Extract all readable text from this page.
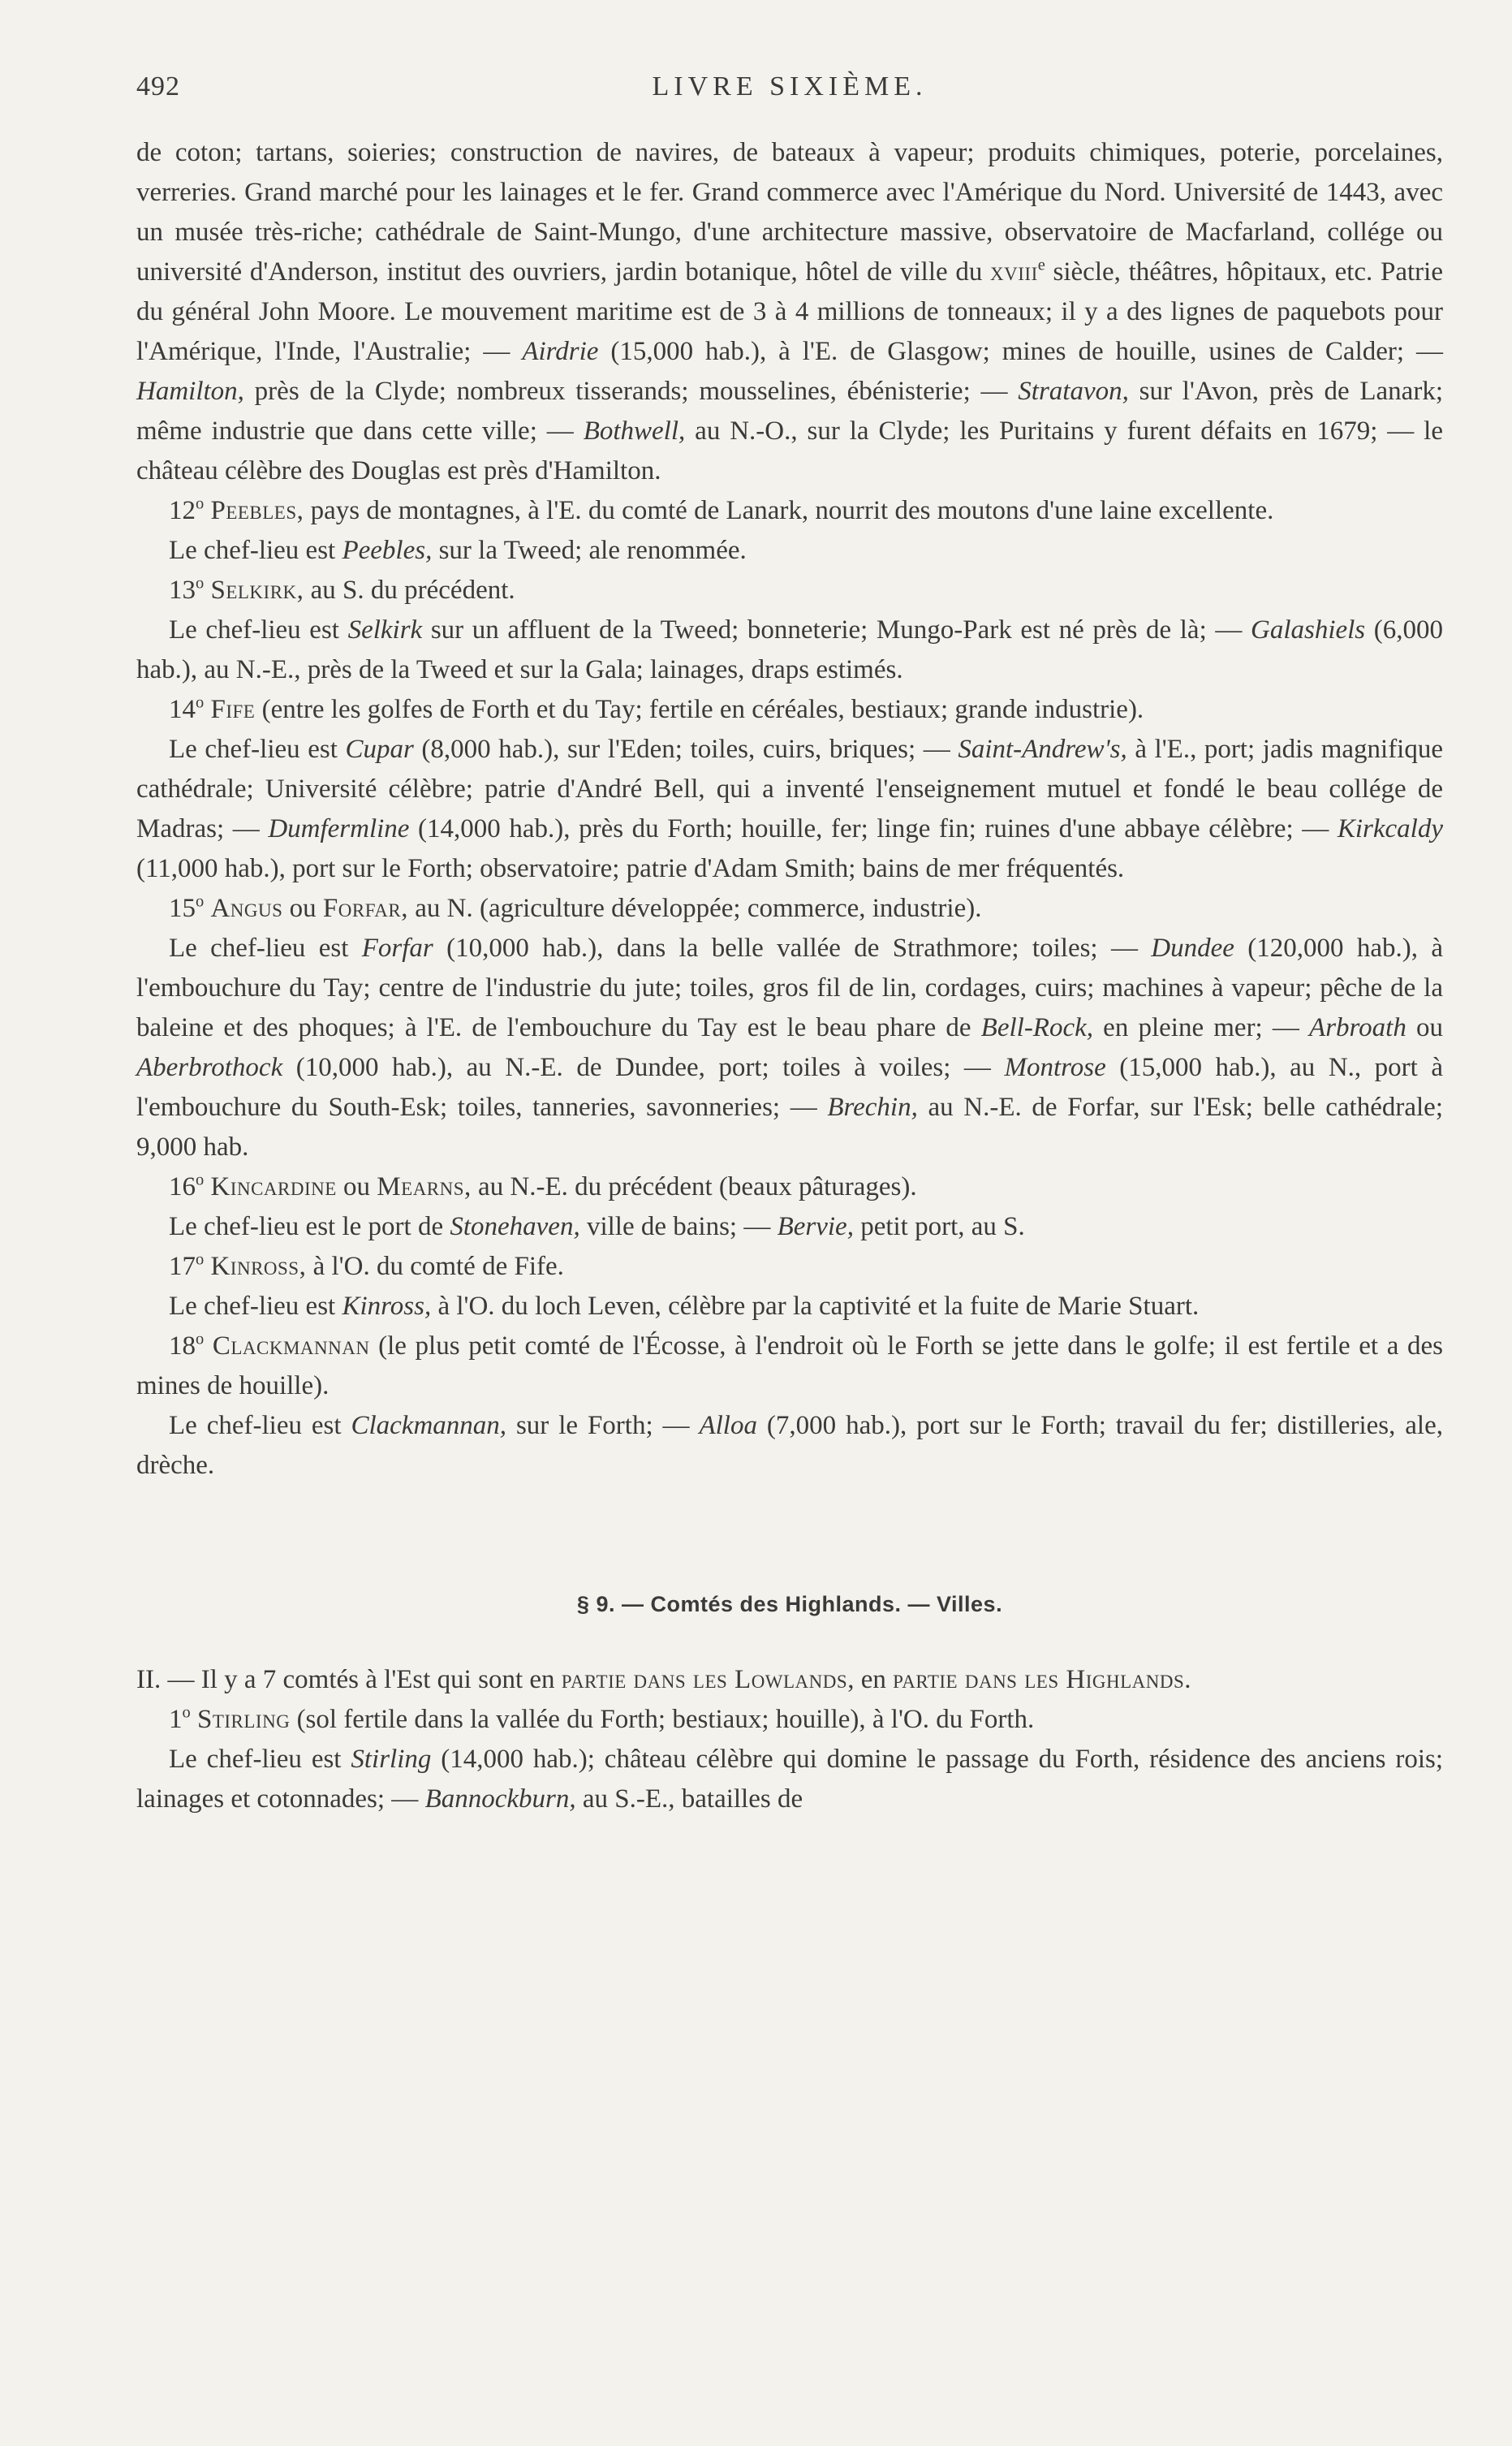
492	LIVRE SIXIÈME.

de coton; tartans, soieries; construction de navires, de bateaux à vapeur; produits chimiques, poterie, porcelaines, verreries. Grand marché pour les lainages et le fer. Grand commerce avec l'Amérique du Nord. Université de 1443, avec un musée très-riche; cathédrale de Saint-Mungo, d'une architecture massive, observatoire de Macfarland, collége ou université d'Anderson, institut des ouvriers, jardin botanique, hôtel de ville du xviii$^e$ siècle, théâtres, hôpitaux, etc. Patrie du général John Moore. Le mouvement maritime est de 3 à 4 millions de tonneaux; il y a des lignes de paquebots pour l'Amérique, l'Inde, l'Australie; — Airdrie (15,000 hab.), à l'E. de Glasgow; mines de houille, usines de Calder; — Hamilton, près de la Clyde; nombreux tisserands; mousselines, ébénisterie; — Stratavon, sur l'Avon, près de Lanark; même industrie que dans cette ville; — Bothwell, au N.-O., sur la Clyde; les Puritains y furent défaits en 1679; — le château célèbre des Douglas est près d'Hamilton.

12$^o$ Peebles, pays de montagnes, à l'E. du comté de Lanark, nourrit des moutons d'une laine excellente.

Le chef-lieu est Peebles, sur la Tweed; ale renommée.

13$^o$ Selkirk, au S. du précédent.

Le chef-lieu est Selkirk sur un affluent de la Tweed; bonneterie; Mungo-Park est né près de là; — Galashiels (6,000 hab.), au N.-E., près de la Tweed et sur la Gala; lainages, draps estimés.

14$^o$ Fife (entre les golfes de Forth et du Tay; fertile en céréales, bestiaux; grande industrie).

Le chef-lieu est Cupar (8,000 hab.), sur l'Eden; toiles, cuirs, briques; — Saint-Andrew's, à l'E., port; jadis magnifique cathédrale; Université célèbre; patrie d'André Bell, qui a inventé l'enseignement mutuel et fondé le beau collége de Madras; — Dumfermline (14,000 hab.), près du Forth; houille, fer; linge fin; ruines d'une abbaye célèbre; — Kirkcaldy (11,000 hab.), port sur le Forth; observatoire; patrie d'Adam Smith; bains de mer fréquentés.

15$^o$ Angus ou Forfar, au N. (agriculture développée; commerce, industrie).

Le chef-lieu est Forfar (10,000 hab.), dans la belle vallée de Strathmore; toiles; — Dundee (120,000 hab.), à l'embouchure du Tay; centre de l'industrie du jute; toiles, gros fil de lin, cordages, cuirs; machines à vapeur; pêche de la baleine et des phoques; à l'E. de l'embouchure du Tay est le beau phare de Bell-Rock, en pleine mer; — Arbroath ou Aberbrothock (10,000 hab.), au N.-E. de Dundee, port; toiles à voiles; — Montrose (15,000 hab.), au N., port à l'embouchure du South-Esk; toiles, tanneries, savonneries; — Brechin, au N.-E. de Forfar, sur l'Esk; belle cathédrale; 9,000 hab.

16$^o$ Kincardine ou Mearns, au N.-E. du précédent (beaux pâturages).

Le chef-lieu est le port de Stonehaven, ville de bains; — Bervie, petit port, au S.

17$^o$ Kinross, à l'O. du comté de Fife.

Le chef-lieu est Kinross, à l'O. du loch Leven, célèbre par la captivité et la fuite de Marie Stuart.

18$^o$ Clackmannan (le plus petit comté de l'Écosse, à l'endroit où le Forth se jette dans le golfe; il est fertile et a des mines de houille).

Le chef-lieu est Clackmannan, sur le Forth; — Alloa (7,000 hab.), port sur le Forth; travail du fer; distilleries, ale, drèche.

§ 9. — Comtés des Highlands. — Villes.

II. — Il y a 7 comtés à l'Est qui sont en partie dans les Lowlands, en partie dans les Highlands.

1$^o$ Stirling (sol fertile dans la vallée du Forth; bestiaux; houille), à l'O. du Forth.

Le chef-lieu est Stirling (14,000 hab.); château célèbre qui domine le passage du Forth, résidence des anciens rois; lainages et cotonnades; — Bannockburn, au S.-E., batailles de
